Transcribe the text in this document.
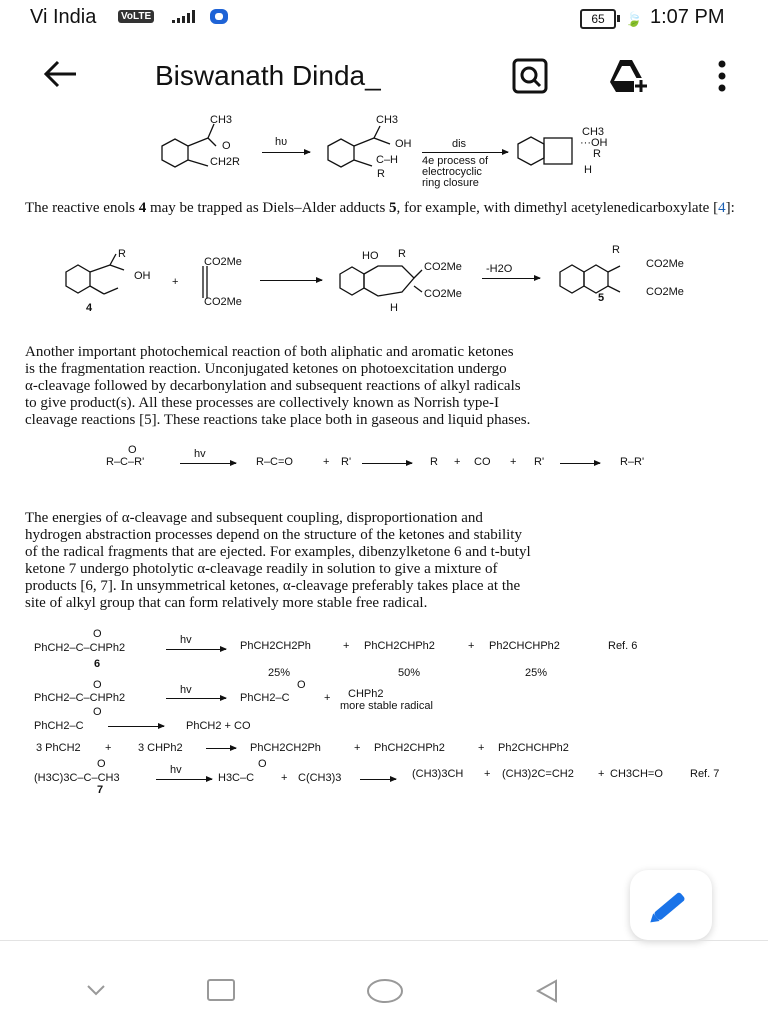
Vi India	VoLTE	65	🍃 1:07 PM
Biswanath Dinda_
CH3
O
CH2R
hυ
CH3
OH
C–H
R
dis
4e process of
electrocyclic
ring closure
CH3
···OH
R
H
The reactive enols 4 may be trapped as Diels–Alder adducts 5, for example, with dimethyl acetylenedicarboxylate [4]:
R
OH
4
+
CO2Me
CO2Me
HO R
CO2Me
CO2Me
H
-H2O
R
CO2Me
CO2Me
5
Another important photochemical reaction of both aliphatic and aromatic ketones
is the fragmentation reaction. Unconjugated ketones on photoexcitation undergo
α-cleavage followed by decarbonylation and subsequent reactions of alkyl radicals
to give product(s). All these processes are collectively known as Norrish type-I
cleavage reactions [5]. These reactions take place both in gaseous and liquid phases.
O
R–C–R'
hv
R–C=O	+ R'	R + CO + R'	R–R'
The energies of α-cleavage and subsequent coupling, disproportionation and
hydrogen abstraction processes depend on the structure of the ketones and stability
of the radical fragments that are ejected. For examples, dibenzylketone 6 and t-butyl
ketone 7 undergo photolytic α-cleavage readily in solution to give a mixture of
products [6, 7]. In unsymmetrical ketones, α-cleavage preferably takes place at the
site of alkyl group that can form relatively more stable free radical.
O
PhCH2–C–CHPh2
6
hv	PhCH2CH2Ph	+ PhCH2CHPh2	+ Ph2CHCHPh2	Ref. 6
25%	50%	25%
O
PhCH2–C–CHPh2
hv	O
PhCH2–C	+ CHPh2
more stable radical
O
PhCH2–C	PhCH2 + CO
3 PhCH2 + 3 CHPh2	PhCH2CH2Ph	+ PhCH2CHPh2	+ Ph2CHCHPh2
O
(H3C)3C–C–CH3
7
hv	O
H3C–C + C(CH3)3	(CH3)3CH + (CH3)2C=CH2 + CH3CH=O Ref. 7
